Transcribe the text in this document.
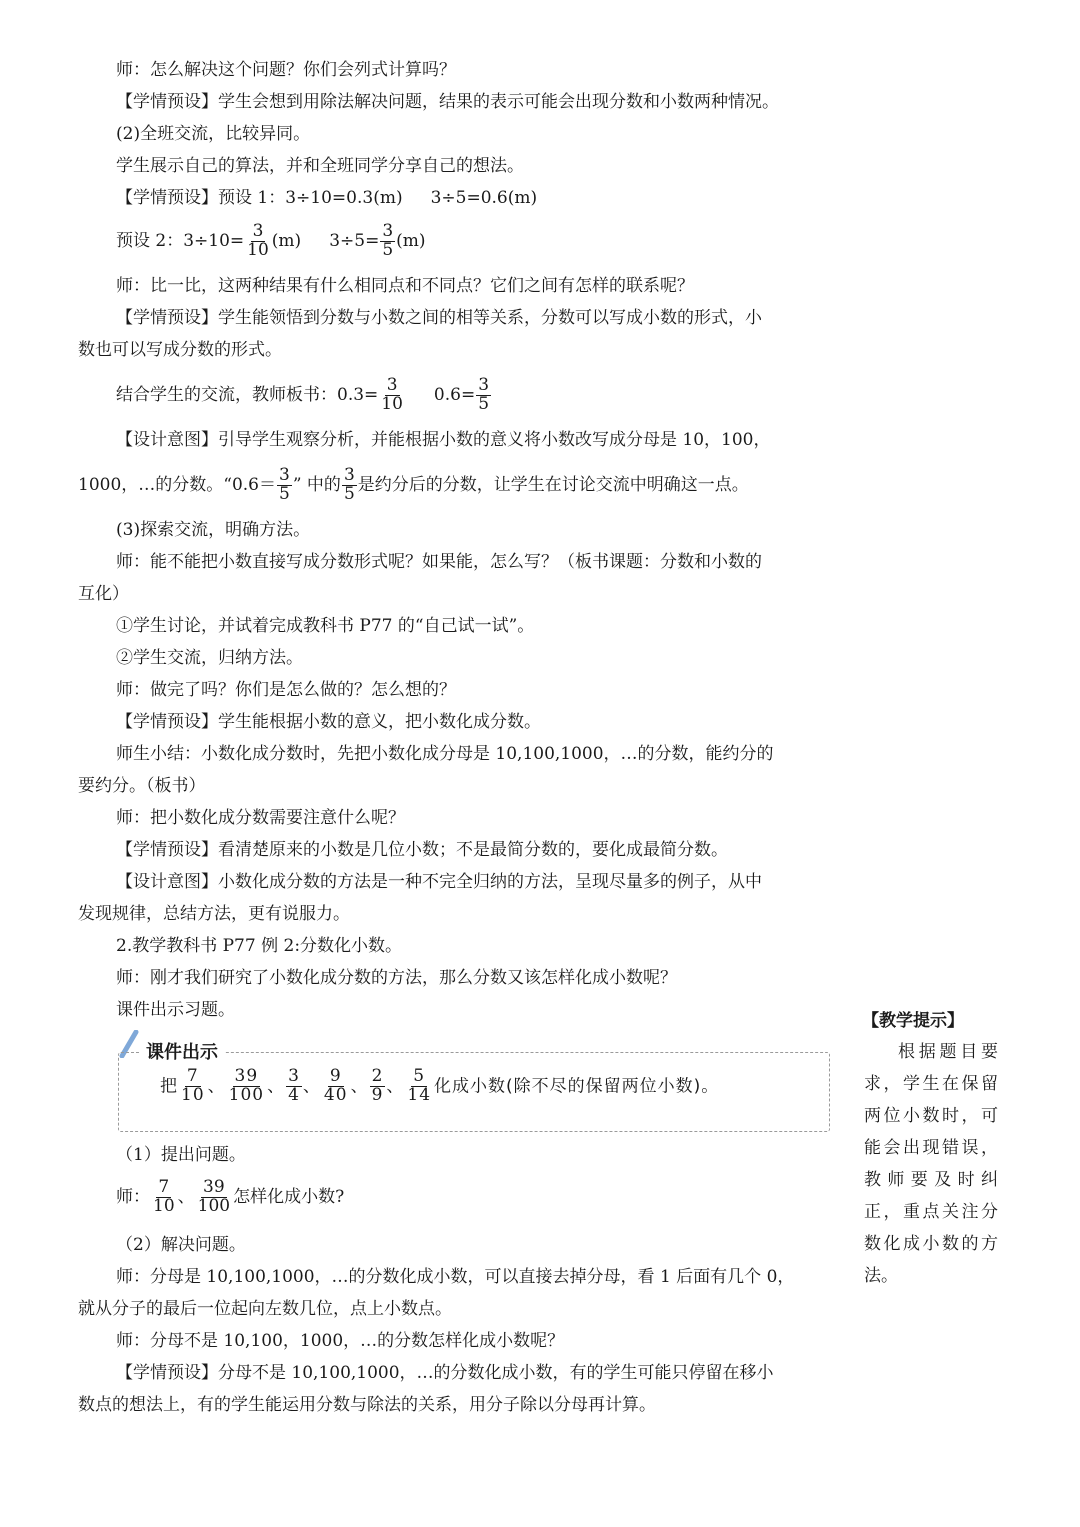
师：怎么解决这个问题？你们会列式计算吗？
【学情预设】学生会想到用除法解决问题，结果的表示可能会出现分数和小数两种情况。
(2)全班交流，比较异同。
学生展示自己的算法，并和全班同学分享自己的想法。
【学情预设】预设 1：3÷10=0.3(m) 3÷5=0.6(m)
预设 2：$3\div 10= \frac{3}{10} (m)$ $3\div 5= \frac{3}{5} (m)$
师：比一比，这两种结果有什么相同点和不同点？它们之间有怎样的联系呢？
【学情预设】学生能领悟到分数与小数之间的相等关系，分数可以写成小数的形式，小
数也可以写成分数的形式。
结合学生的交流，教师板书：$0.3= \frac{3}{10} 0.6= \frac{3}{5}$
【设计意图】引导学生观察分析，并能根据小数的意义将小数改写成分母是 10，100，
1000，…的分数。“$0.6= \frac{3}{5}$ ” 中的 $\frac{3}{5}$ 是约分后的分数，让学生在讨论交流中明确这一点。
(3)探索交流，明确方法。
师：能不能把小数直接写成分数形式呢？如果能，怎么写？（板书课题：分数和小数的
互化）
①学生讨论，并试着完成教科书 P77 的“自己试一试”。
②学生交流，归纳方法。
师：做完了吗？你们是怎么做的？怎么想的？
【学情预设】学生能根据小数的意义，把小数化成分数。
师生小结：小数化成分数时，先把小数化成分母是 10,100,1000，…的分数，能约分的
要约分。（板书）
师：把小数化成分数需要注意什么呢？
【学情预设】看清楚原来的小数是几位小数；不是最简分数的，要化成最简分数。
【设计意图】小数化成分数的方法是一种不完全归纳的方法，呈现尽量多的例子，从中
发现规律，总结方法，更有说服力。
2.教学教科书 P77 例 2:分数化小数。
师：刚才我们研究了小数化成分数的方法，那么分数又该怎样化成小数呢？
课件出示习题。
课件出示
把 $\frac{7}{10}$ 、 $\frac{39}{100}$ 、 $\frac{3}{4}$ 、 $\frac{9}{40}$ 、 $\frac{2}{9}$ 、 $\frac{5}{14}$ 化成小数(除不尽的保留两位小数)。
【教学提示】
根据题目要求，学生在保留两位小数时，可能会出现错误，教师要及时纠正，重点关注分数化成小数的方法。
（1）提出问题。
师： $\frac{7}{10}$ 、 $\frac{39}{100}$ 怎样化成小数?
（2）解决问题。
师：分母是 10,100,1000，…的分数化成小数，可以直接去掉分母，看 1 后面有几个 0，
就从分子的最后一位起向左数几位，点上小数点。
师：分母不是 10,100，1000，…的分数怎样化成小数呢？
【学情预设】分母不是 10,100,1000，…的分数化成小数，有的学生可能只停留在移小
数点的想法上，有的学生能运用分数与除法的关系，用分子除以分母再计算。
